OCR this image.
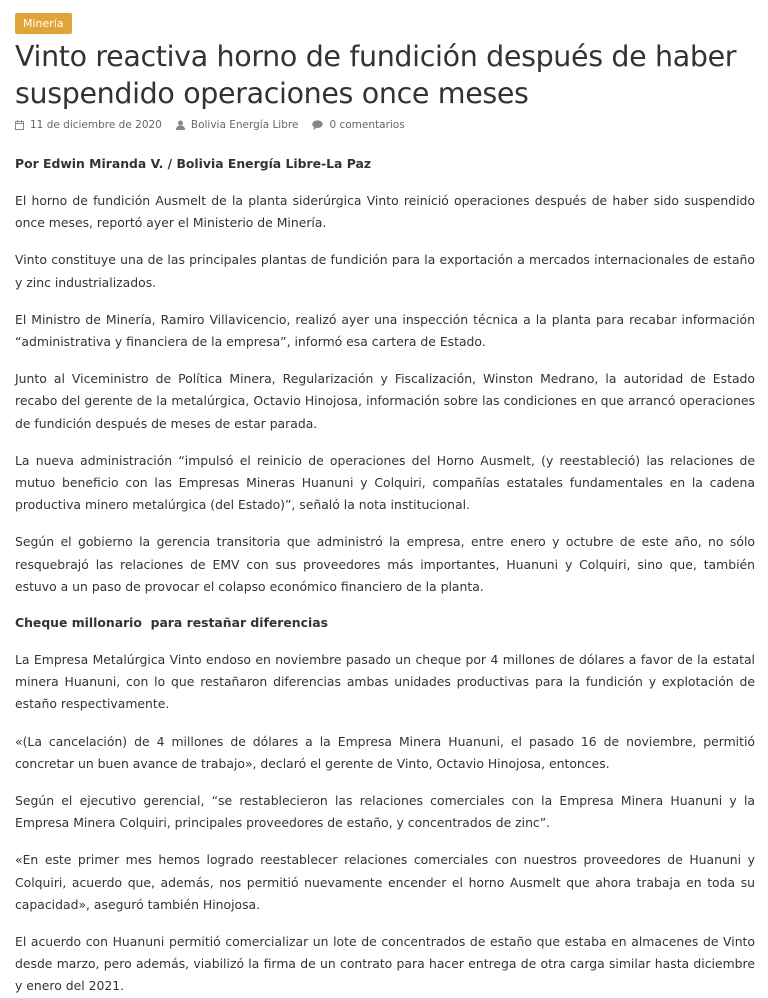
Minería
Vinto reactiva horno de fundición después de haber suspendido operaciones once meses
11 de diciembre de 2020	Bolivia Energía Libre	0 comentarios
Por Edwin Miranda V. / Bolivia Energía Libre-La Paz

El horno de fundición Ausmelt de la planta siderúrgica Vinto reinició operaciones después de haber sido suspendido once meses, reportó ayer el Ministerio de Minería.

Vinto constituye una de las principales plantas de fundición para la exportación a mercados internacionales de estaño y zinc industrializados.

El Ministro de Minería, Ramiro Villavicencio, realizó ayer una inspección técnica a la planta para recabar información “administrativa y financiera de la empresa”, informó esa cartera de Estado.

Junto al Viceministro de Política Minera, Regularización y Fiscalización, Winston Medrano, la autoridad de Estado recabo del gerente de la metalúrgica, Octavio Hinojosa, información sobre las condiciones en que arrancó operaciones de fundición después de meses de estar parada.

La nueva administración “impulsó el reinicio de operaciones del Horno Ausmelt, (y reestableció) las relaciones de mutuo beneficio con las Empresas Mineras Huanuni y Colquiri, compañías estatales fundamentales en la cadena productiva minero metalúrgica (del Estado)”, señaló la nota institucional.

Según el gobierno la gerencia transitoria que administró la empresa, entre enero y octubre de este año, no sólo resquebrajó las relaciones de EMV con sus proveedores más importantes, Huanuni y Colquiri, sino que, también estuvo a un paso de provocar el colapso económico financiero de la planta.

Cheque millonario  para restañar diferencias

La Empresa Metalúrgica Vinto endoso en noviembre pasado un cheque por 4 millones de dólares a favor de la estatal minera Huanuni, con lo que restañaron diferencias ambas unidades productivas para la fundición y explotación de estaño respectivamente.

«(La cancelación) de 4 millones de dólares a la Empresa Minera Huanuni, el pasado 16 de noviembre, permitió concretar un buen avance de trabajo», declaró el gerente de Vinto, Octavio Hinojosa, entonces.

Según el ejecutivo gerencial, “se restablecieron las relaciones comerciales con la Empresa Minera Huanuni y la Empresa Minera Colquiri, principales proveedores de estaño, y concentrados de zinc”.

«En este primer mes hemos logrado reestablecer relaciones comerciales con nuestros proveedores de Huanuni y Colquiri, acuerdo que, además, nos permitió nuevamente encender el horno Ausmelt que ahora trabaja en toda su capacidad», aseguró también Hinojosa.

El acuerdo con Huanuni permitió comercializar un lote de concentrados de estaño que estaba en almacenes de Vinto desde marzo, pero además, viabilizó la firma de un contrato para hacer entrega de otra carga similar hasta diciembre y enero del 2021.
